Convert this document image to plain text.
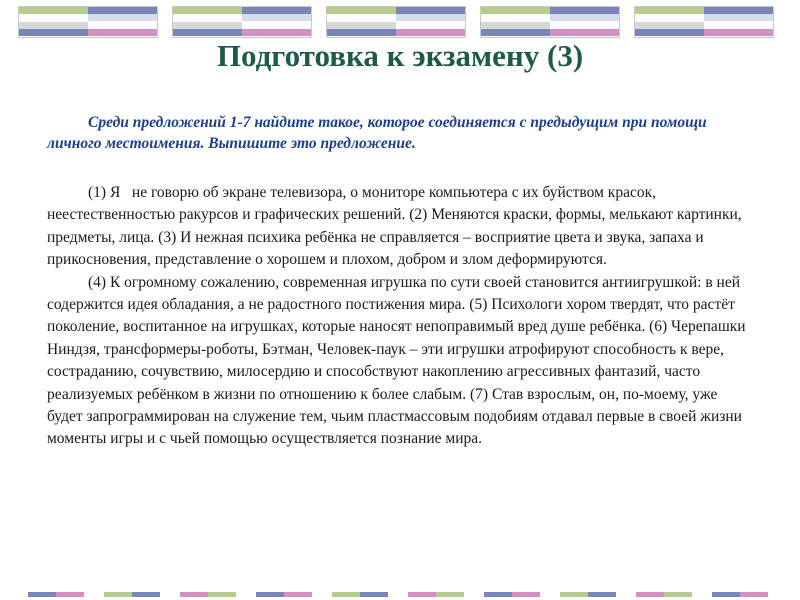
Подготовка к экзамену (3)

Среди предложений 1-7 найдите такое, которое соединяется с предыдущим при помощи личного местоимения. Выпишите это предложение.

(1) Я   не говорю об экране телевизора, о мониторе компьютера с их буйством красок, неестественностью ракурсов и графических решений. (2) Меняются краски, формы, мелькают картинки, предметы, лица. (3) И нежная психика ребёнка не справляется – восприятие цвета и звука, запаха и прикосновения, представление о хорошем и плохом, добром и злом деформируются.

(4) К огромному сожалению, современная игрушка по сути своей становится антиигрушкой: в ней содержится идея обладания, а не радостного постижения мира. (5) Психологи хором твердят, что растёт поколение, воспитанное на игрушках, которые наносят непоправимый вред душе ребёнка. (6) Черепашки Ниндзя, трансформеры-роботы, Бэтман, Человек-паук – эти игрушки атрофируют способность к вере, состраданию, сочувствию, милосердию и способствуют накоплению агрессивных фантазий, часто реализуемых ребёнком в жизни по отношению к более слабым. (7) Став взрослым, он, по-моему, уже будет запрограммирован на служение тем, чьим пластмассовым подобиям отдавал первые в своей жизни моменты игры и с чьей помощью осуществляется познание мира.
